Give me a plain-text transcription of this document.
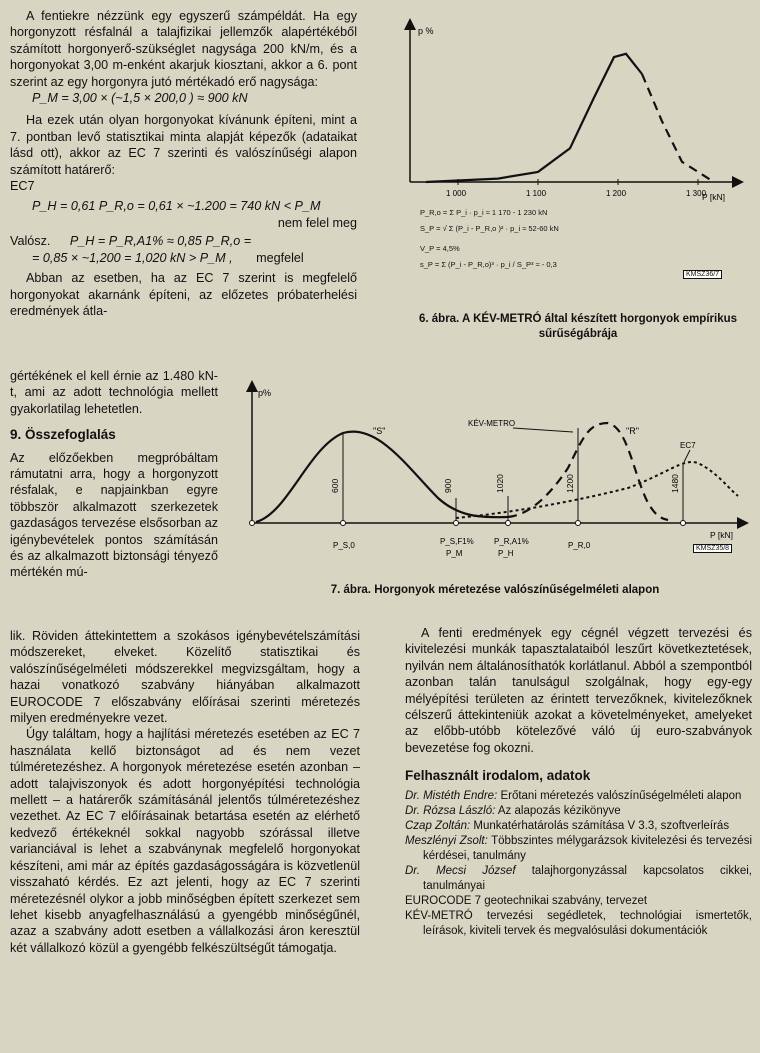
A fentiekre nézzünk egy egyszerű számpéldát. Ha egy horgonyzott résfalnál a talajfizikai jellemzők alapértékéből számított horgonyerő-szükséglet nagysága 200 kN/m, és a horgonyokat 3,00 m-enként akarjuk kiosztani, akkor a 6. pont szerint az egy horgonyra jutó mértékadó erő nagysága:

P_M = 3,00 × (~1,5 × 200,0 ) ≈ 900 kN

Ha ezek után olyan horgonyokat kívánunk építeni, mint a 7. pontban levő statisztikai minta alapját képezők (adataikat lásd ott), akkor az EC 7 szerinti és valószínűségi alapon számított határerő:

EC7

P_H = 0,61 P_R,o = 0,61 × ~1.200 = 740 kN < P_M

nem felel meg

Valósz. P_H = P_R,A1% ≈ 0,85 P_R,o =

= 0,85 × ~1,200 = 1,020 kN > P_M , megfelel

Abban az esetben, ha az EC 7 szerint is megfelelő horgonyokat akarnánk építeni, az előzetes próbaterhelési eredmények átla-

gértékének el kell érnie az 1.480 kN-t, ami az adott technológia mellett gyakorlatilag lehetetlen.

9. Összefoglalás

Az előzőekben megpróbáltam rámutatni arra, hogy a horgonyzott résfalak, e napjainkban egyre többször alkalmazott szerkezetek gazdaságos tervezése elsősorban az igénybevételek pontos számításán és az alkalmazott biztonsági tényező mértékén mú-

lik. Röviden áttekintettem a szokásos igénybevételszámítási módszereket, elveket. Közelítő statisztikai és valószínűségelméleti módszerekkel megvizsgáltam, hogy a hazai vonatkozó szabvány hiányában alkalmazott EUROCODE 7 előszabvány előírásai szerinti méretezés milyen eredményekre vezet.

Úgy találtam, hogy a hajlítási méretezés esetében az EC 7 használata kellő biztonságot ad és nem vezet túlméretezéshez. A horgonyok méretezése esetén azonban – adott talajviszonyok és adott horgonyépítési technológia mellett – a határerők számításánál jelentős túlméretezéshez vezethet. Az EC 7 előírásainak betartása esetén az elérhető kedvező értékeknél sokkal nagyobb szórással illetve varianciával is lehet a szabványnak megfelelő horgonyokat készíteni, ami már az építés gazdaságosságára is közvetlenül visszaható kérdés. Ez azt jelenti, hogy az EC 7 szerinti méretezésnél olykor a jobb minőségben épített szerkezet sem lehet kisebb anyagfelhasználású a gyengébb minőségűnél, azaz a szabvány adott esetben a vállalkozási áron keresztül két vállalkozó közül a gyengébb felkészültségűt támogatja.

p %
P [kN]
1 000	1 100	1 200	1 300
P_R,o = Σ P_i · p_i ≈ 1 170 - 1 230 kN
S_P = √ Σ (P_i - P_R,o )² · p_i ≈ 52-60 kN
V_P = 4,5%
s_P = Σ (P_i - P_R,o)³ · p_i / S_P³ ≈ - 0,3
KMSZ36/7
6. ábra. A KÉV-METRÓ által készített horgonyok empírikus sűrűségábrája
p%
P [kN]
600	900	1020	1200	1480
"S"	"R"
KÉV-METRO
EC7
P_S,0	P_S,F1%
P_M
P_R,A1%
P_H
P_R,0	KMSZ35/8
7. ábra. Horgonyok méretezése valószínűségelméleti alapon

A fenti eredmények egy cégnél végzett tervezési és kivitelezési munkák tapasztalataiból leszűrt következtetések, nyilván nem általánosíthatók korlátlanul. Abból a szempontból azonban talán tanulságul szolgálnak, hogy egy-egy mélyépítési területen az érintett tervezőknek, kivitelezőknek célszerű áttekinteniük azokat a követelményeket, amelyeket az előbb-utóbb kötelezővé váló új euro-szabványok bevezetése fog okozni.

Felhasznált irodalom, adatok

Dr. Mistéth Endre: Erőtani méretezés valószínűségelméleti alapon

Dr. Rózsa László: Az alapozás kézikönyve

Czap Zoltán: Munkatérhatárolás számítása V 3.3, szoftverleírás

Meszlényi Zsolt: Többszintes mélygarázsok kivitelezési és tervezési kérdései, tanulmány

Dr. Mecsi József talajhorgonyzással kapcsolatos cikkei, tanulmányai

EUROCODE 7 geotechnikai szabvány, tervezet

KÉV-METRÓ tervezési segédletek, technológiai ismertetők, leírások, kiviteli tervek és megvalósulási dokumentációk
